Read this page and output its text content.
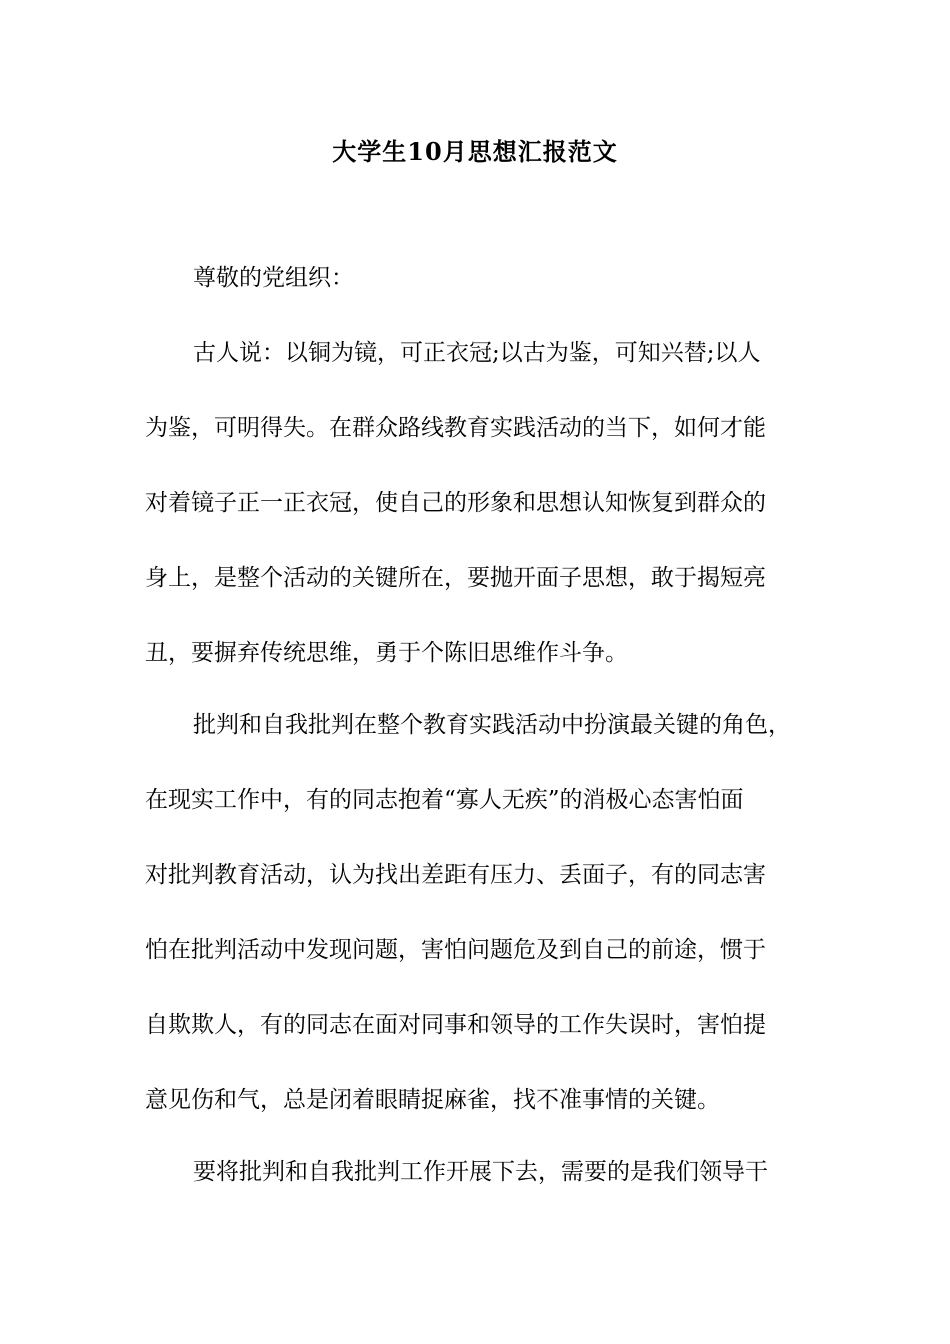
大学生10月思想汇报范文
尊敬的党组织：
古人说：以铜为镜，可正衣冠;以古为鉴，可知兴替;以人
为鉴，可明得失。在群众路线教育实践活动的当下，如何才能
对着镜子正一正衣冠，使自己的形象和思想认知恢复到群众的
身上，是整个活动的关键所在，要抛开面子思想，敢于揭短亮
丑，要摒弃传统思维，勇于个陈旧思维作斗争。
批判和自我批判在整个教育实践活动中扮演最关键的角色，
在现实工作中，有的同志抱着“寡人无疾”的消极心态害怕面
对批判教育活动，认为找出差距有压力、丢面子，有的同志害
怕在批判活动中发现问题，害怕问题危及到自己的前途，惯于
自欺欺人，有的同志在面对同事和领导的工作失误时，害怕提
意见伤和气，总是闭着眼睛捉麻雀，找不准事情的关键。
要将批判和自我批判工作开展下去，需要的是我们领导干
